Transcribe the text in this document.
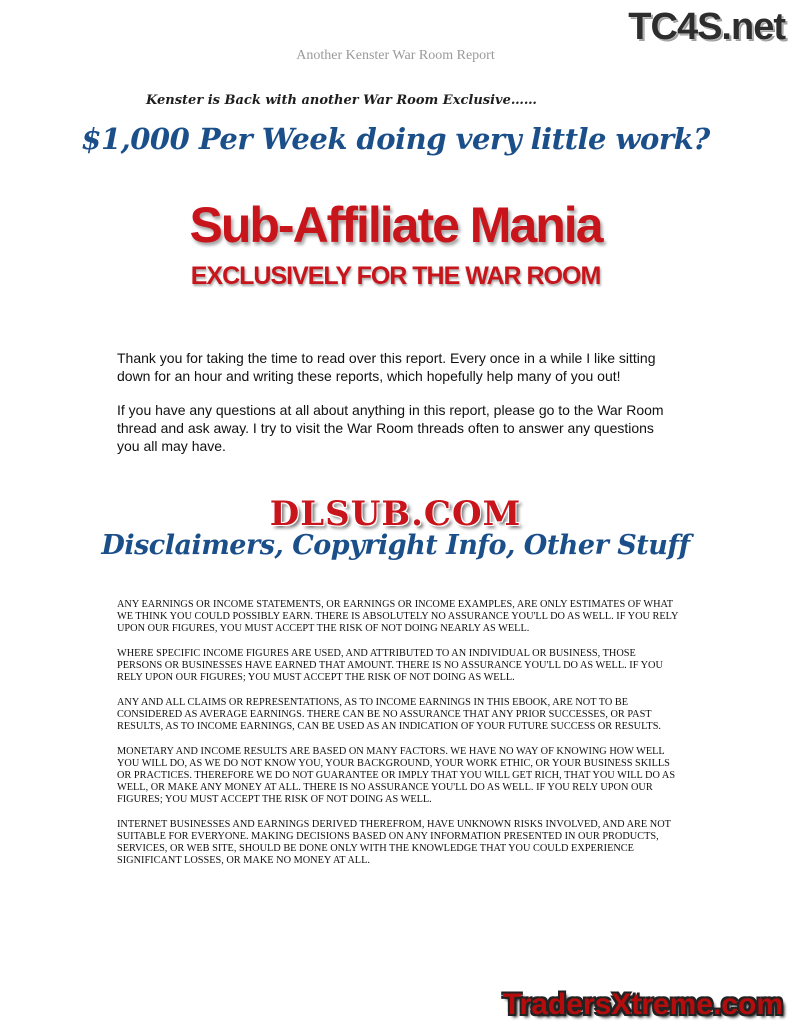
TC4S.net
Another Kenster War Room Report
Kenster is Back with another War Room Exclusive……
$1,000 Per Week doing very little work?
Sub-Affiliate Mania
EXCLUSIVELY FOR THE WAR ROOM

Thank you for taking the time to read over this report. Every once in a while I like sitting down for an hour and writing these reports, which hopefully help many of you out!

If you have any questions at all about anything in this report, please go to the War Room thread and ask away. I try to visit the War Room threads often to answer any questions you all may have.

DLSUB.COM
Disclaimers, Copyright Info, Other Stuff

ANY EARNINGS OR INCOME STATEMENTS, OR EARNINGS OR INCOME EXAMPLES, ARE ONLY ESTIMATES OF WHAT WE THINK YOU COULD POSSIBLY EARN. THERE IS ABSOLUTELY NO ASSURANCE YOU'LL DO AS WELL. IF YOU RELY UPON OUR FIGURES, YOU MUST ACCEPT THE RISK OF NOT DOING NEARLY AS WELL.

WHERE SPECIFIC INCOME FIGURES ARE USED, AND ATTRIBUTED TO AN INDIVIDUAL OR BUSINESS, THOSE PERSONS OR BUSINESSES HAVE EARNED THAT AMOUNT. THERE IS NO ASSURANCE YOU'LL DO AS WELL. IF YOU RELY UPON OUR FIGURES; YOU MUST ACCEPT THE RISK OF NOT DOING AS WELL.

ANY AND ALL CLAIMS OR REPRESENTATIONS, AS TO INCOME EARNINGS IN THIS EBOOK, ARE NOT TO BE CONSIDERED AS AVERAGE EARNINGS. THERE CAN BE NO ASSURANCE THAT ANY PRIOR SUCCESSES, OR PAST RESULTS, AS TO INCOME EARNINGS, CAN BE USED AS AN INDICATION OF YOUR FUTURE SUCCESS OR RESULTS.

MONETARY AND INCOME RESULTS ARE BASED ON MANY FACTORS. WE HAVE NO WAY OF KNOWING HOW WELL YOU WILL DO, AS WE DO NOT KNOW YOU, YOUR BACKGROUND, YOUR WORK ETHIC, OR YOUR BUSINESS SKILLS OR PRACTICES. THEREFORE WE DO NOT GUARANTEE OR IMPLY THAT YOU WILL GET RICH, THAT YOU WILL DO AS WELL, OR MAKE ANY MONEY AT ALL. THERE IS NO ASSURANCE YOU'LL DO AS WELL. IF YOU RELY UPON OUR FIGURES; YOU MUST ACCEPT THE RISK OF NOT DOING AS WELL.

INTERNET BUSINESSES AND EARNINGS DERIVED THEREFROM, HAVE UNKNOWN RISKS INVOLVED, AND ARE NOT SUITABLE FOR EVERYONE. MAKING DECISIONS BASED ON ANY INFORMATION PRESENTED IN OUR PRODUCTS, SERVICES, OR WEB SITE, SHOULD BE DONE ONLY WITH THE KNOWLEDGE THAT YOU COULD EXPERIENCE SIGNIFICANT LOSSES, OR MAKE NO MONEY AT ALL.

TradersXtreme.com
